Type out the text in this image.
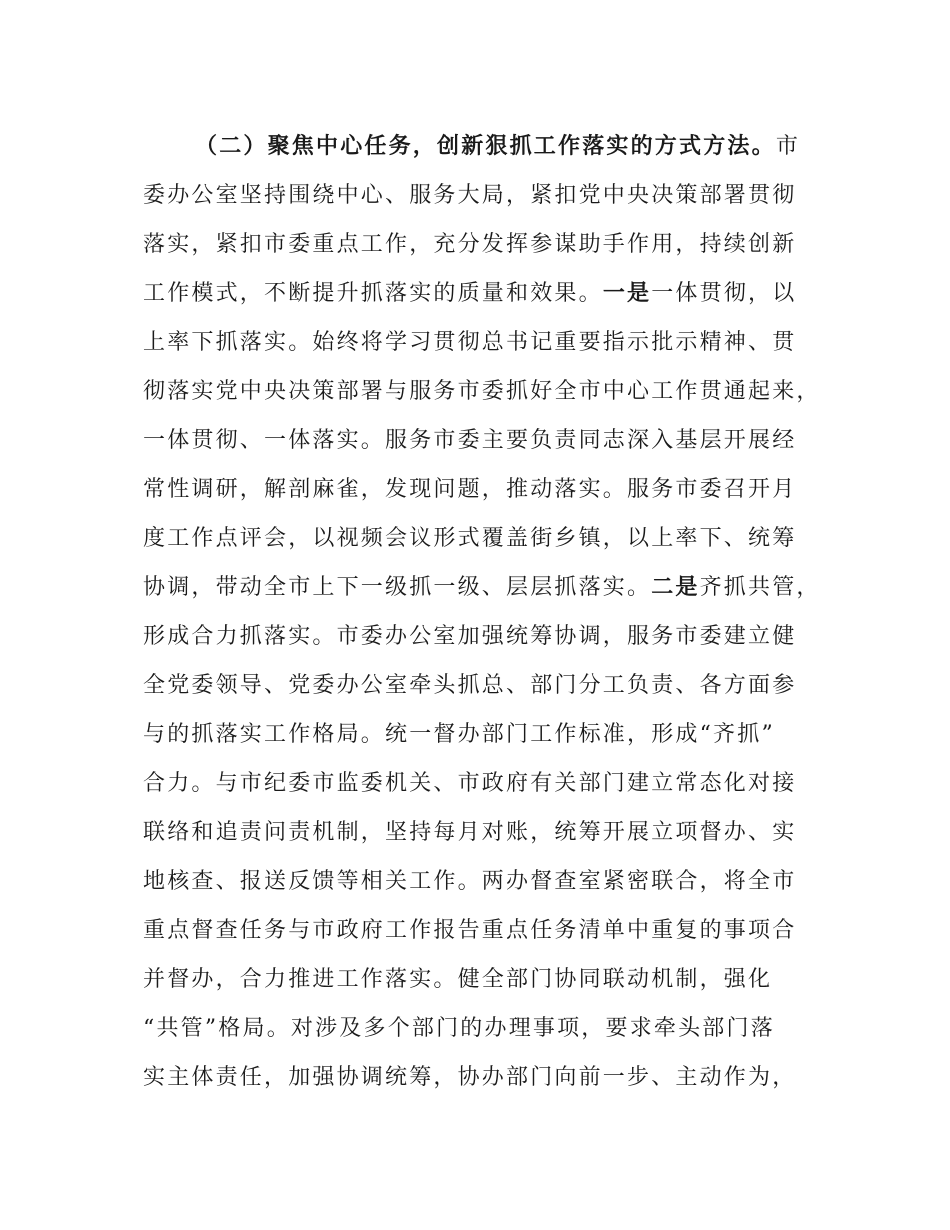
（二）聚焦中心任务，创新狠抓工作落实的方式方法。市
委办公室坚持围绕中心、服务大局，紧扣党中央决策部署贯彻
落实，紧扣市委重点工作，充分发挥参谋助手作用，持续创新
工作模式，不断提升抓落实的质量和效果。一是一体贯彻，以
上率下抓落实。始终将学习贯彻总书记重要指示批示精神、贯
彻落实党中央决策部署与服务市委抓好全市中心工作贯通起来，
一体贯彻、一体落实。服务市委主要负责同志深入基层开展经
常性调研，解剖麻雀，发现问题，推动落实。服务市委召开月
度工作点评会，以视频会议形式覆盖街乡镇，以上率下、统筹
协调，带动全市上下一级抓一级、层层抓落实。二是齐抓共管，
形成合力抓落实。市委办公室加强统筹协调，服务市委建立健
全党委领导、党委办公室牵头抓总、部门分工负责、各方面参
与的抓落实工作格局。统一督办部门工作标准，形成“齐抓”
合力。与市纪委市监委机关、市政府有关部门建立常态化对接
联络和追责问责机制，坚持每月对账，统筹开展立项督办、实
地核查、报送反馈等相关工作。两办督查室紧密联合，将全市
重点督查任务与市政府工作报告重点任务清单中重复的事项合
并督办，合力推进工作落实。健全部门协同联动机制，强化
“共管”格局。对涉及多个部门的办理事项，要求牵头部门落
实主体责任，加强协调统筹，协办部门向前一步、主动作为，
